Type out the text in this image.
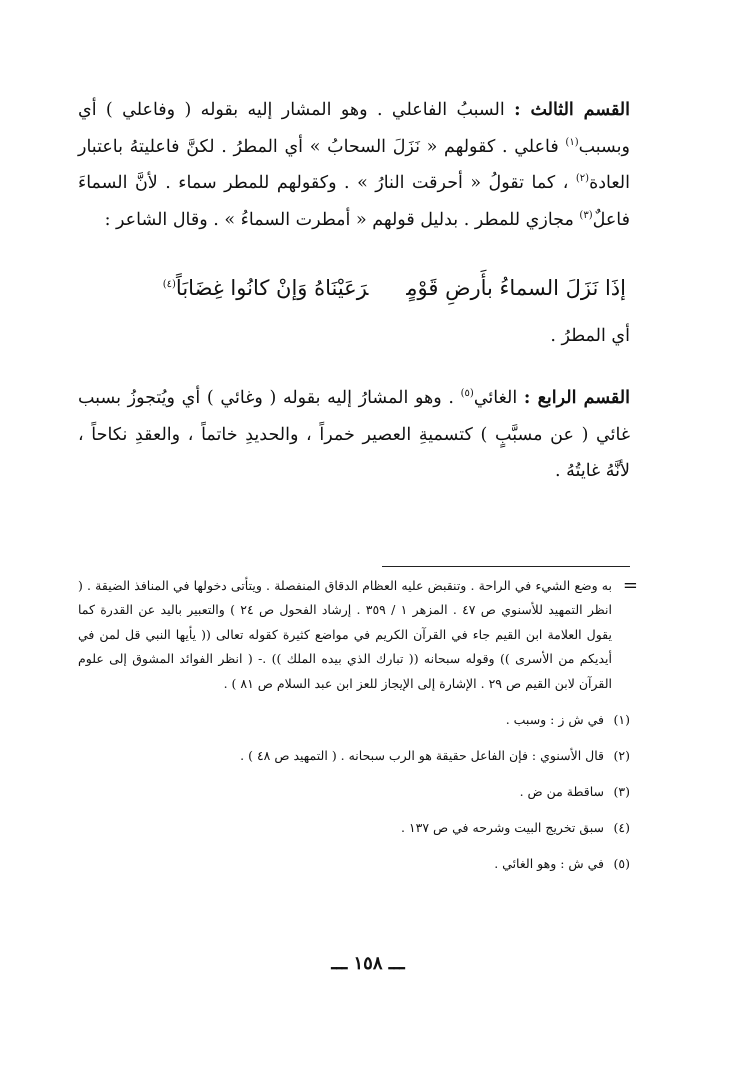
القسم الثالث : السببُ الفاعلي . وهو المشار إليه بقوله ( وفاعلي ) أي وبسبب$^{(١)}$ فاعلي . كقولهم « نَزَلَ السحابُ » أي المطرُ . لكنَّ فاعليتهُ باعتبار العادة$^{(٢)}$ ، كما تقولُ « أحرقت النارُ » . وكقولهم للمطر سماء . لأنَّ السماءَ فاعلٌ$^{(٣)}$ مجازي للمطر . بدليل قولهم « أمطرت السماءُ » . وقال الشاعر :

إذَا نَزَلَ السماءُ بأَرضِ قَوْمٍرَعَيْنَاهُ وَإنْ كانُوا غِضَابَاً$^{(٤)}$

أي المطرُ .

القسم الرابع : الغائي$^{(٥)}$ . وهو المشارُ إليه بقوله ( وغائي ) أي ويُتجوزُ بسبب غائي ( عن مسبَّبٍ ) كتسميةِ العصير خمراً ، والحديدِ خاتماً ، والعقدِ نكاحاً ، لأنَّهُ غايتُهُ .

=
به وضع الشيء في الراحة . وتنقبض عليه العظام الدقاق المنفصلة . ويتأتى دخولها في المنافذ الضيقة . ( انظر التمهيد للأسنوي ص ٤٧ . المزهر ١ / ٣٥٩ . إرشاد الفحول ص ٢٤ ) والتعبير باليد عن القدرة كما يقول العلامة ابن القيم جاء في القرآن الكريم في مواضع كثيرة كقوله تعالى (( يأيها النبي قل لمن في أيديكم من الأسرى )) وقوله سبحانه (( تبارك الذي بيده الملك )) .- ( انظر الفوائد المشوق إلى علوم القرآن لابن القيم ص ٢٩ . الإشارة إلى الإيجاز للعز ابن عبد السلام ص ٨١ ) .

(١) في ش ز : وسبب .

(٢) قال الأسنوي : فإن الفاعل حقيقة هو الرب سبحانه . ( التمهيد ص ٤٨ ) .

(٣) ساقطة من ض .

(٤) سبق تخريج البيت وشرحه في ص ١٣٧ .

(٥) في ش : وهو الغائي .

ـــ ١٥٨ ـــ
